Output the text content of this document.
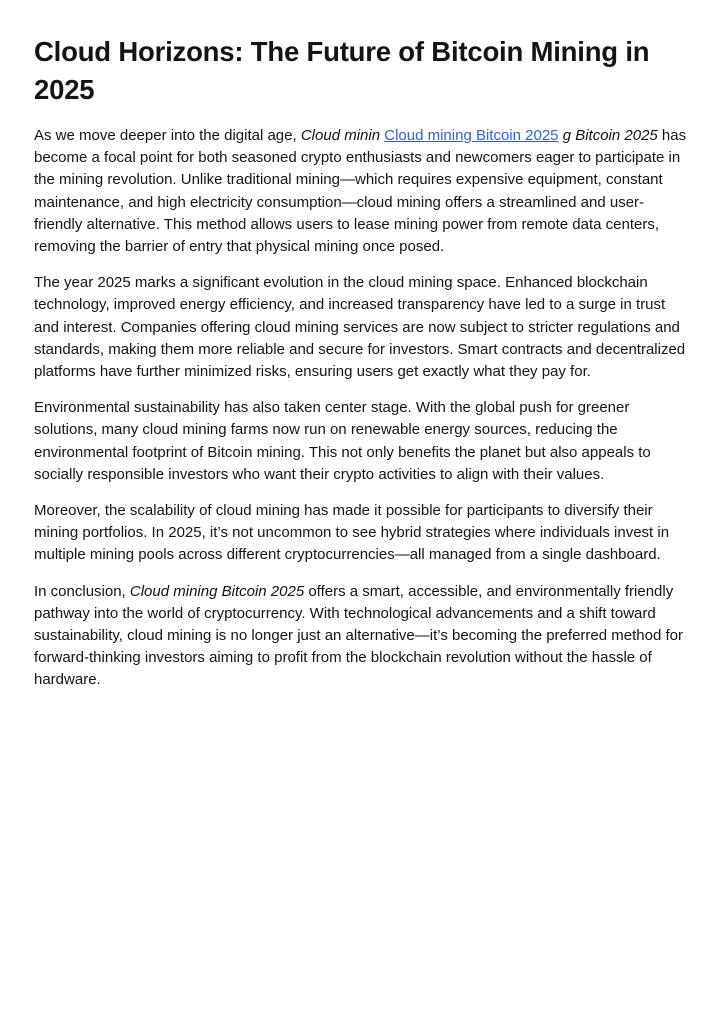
Cloud Horizons: The Future of Bitcoin Mining in 2025

As we move deeper into the digital age, Cloud minin Cloud mining Bitcoin 2025 g Bitcoin 2025 has become a focal point for both seasoned crypto enthusiasts and newcomers eager to participate in the mining revolution. Unlike traditional mining—which requires expensive equipment, constant maintenance, and high electricity consumption—cloud mining offers a streamlined and user-friendly alternative. This method allows users to lease mining power from remote data centers, removing the barrier of entry that physical mining once posed.

The year 2025 marks a significant evolution in the cloud mining space. Enhanced blockchain technology, improved energy efficiency, and increased transparency have led to a surge in trust and interest. Companies offering cloud mining services are now subject to stricter regulations and standards, making them more reliable and secure for investors. Smart contracts and decentralized platforms have further minimized risks, ensuring users get exactly what they pay for.

Environmental sustainability has also taken center stage. With the global push for greener solutions, many cloud mining farms now run on renewable energy sources, reducing the environmental footprint of Bitcoin mining. This not only benefits the planet but also appeals to socially responsible investors who want their crypto activities to align with their values.

Moreover, the scalability of cloud mining has made it possible for participants to diversify their mining portfolios. In 2025, it’s not uncommon to see hybrid strategies where individuals invest in multiple mining pools across different cryptocurrencies—all managed from a single dashboard.

In conclusion, Cloud mining Bitcoin 2025 offers a smart, accessible, and environmentally friendly pathway into the world of cryptocurrency. With technological advancements and a shift toward sustainability, cloud mining is no longer just an alternative—it’s becoming the preferred method for forward-thinking investors aiming to profit from the blockchain revolution without the hassle of hardware.
